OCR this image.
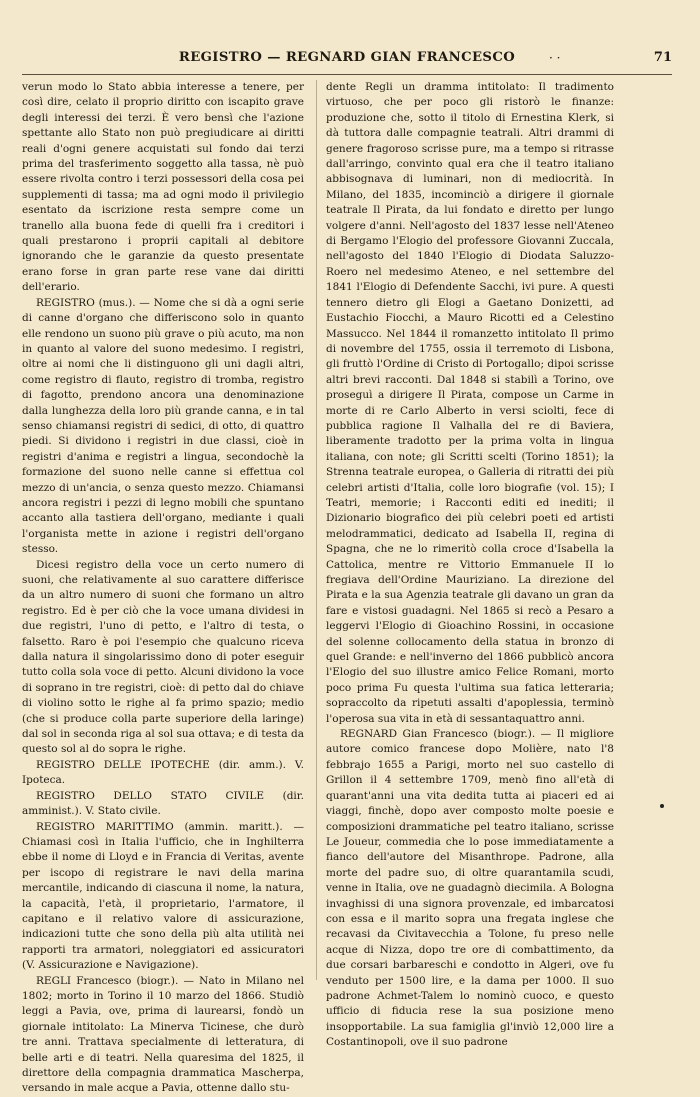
REGISTRO — REGNARD GIAN FRANCESCO	· ·	71

verun modo lo Stato abbia interesse a tenere, per così dire, celato il proprio diritto con iscapito grave degli interessi dei terzi. È vero bensì che l'azione spettante allo Stato non può pregiudicare ai diritti reali d'ogni genere acquistati sul fondo dai terzi prima del trasferimento soggetto alla tassa, nè può essere rivolta contro i terzi possessori della cosa pei supplementi di tassa; ma ad ogni modo il privilegio esentato da iscrizione resta sempre come un tranello alla buona fede di quelli fra i creditori i quali prestarono i proprii capitali al debitore ignorando che le garanzie da questo presentate erano forse in gran parte rese vane dai diritti dell'erario.

REGISTRO (mus.). — Nome che si dà a ogni serie di canne d'organo che differiscono solo in quanto elle rendono un suono più grave o più acuto, ma non in quanto al valore del suono medesimo. I registri, oltre ai nomi che li distinguono gli uni dagli altri, come registro di flauto, registro di tromba, registro di fagotto, prendono ancora una denominazione dalla lunghezza della loro più grande canna, e in tal senso chiamansi registri di sedici, di otto, di quattro piedi. Si dividono i registri in due classi, cioè in registri d'anima e registri a lingua, secondochè la formazione del suono nelle canne si effettua col mezzo di un'ancia, o senza questo mezzo. Chiamansi ancora registri i pezzi di legno mobili che spuntano accanto alla tastiera dell'organo, mediante i quali l'organista mette in azione i registri dell'organo stesso.

Dicesi registro della voce un certo numero di suoni, che relativamente al suo carattere differisce da un altro numero di suoni che formano un altro registro. Ed è per ciò che la voce umana dividesi in due registri, l'uno di petto, e l'altro di testa, o falsetto. Raro è poi l'esempio che qualcuno riceva dalla natura il singolarissimo dono di poter eseguir tutto colla sola voce di petto. Alcuni dividono la voce di soprano in tre registri, cioè: di petto dal do chiave di violino sotto le righe al fa primo spazio; medio (che si produce colla parte superiore della laringe) dal sol in seconda riga al sol sua ottava; e di testa da questo sol al do sopra le righe.

REGISTRO DELLE IPOTECHE (dir. amm.). V. Ipoteca.

REGISTRO DELLO STATO CIVILE (dir. amminist.). V. Stato civile.

REGISTRO MARITTIMO (ammin. maritt.). — Chiamasi così in Italia l'ufficio, che in Inghilterra ebbe il nome di Lloyd e in Francia di Veritas, avente per iscopo di registrare le navi della marina mercantile, indicando di ciascuna il nome, la natura, la capacità, l'età, il proprietario, l'armatore, il capitano e il relativo valore di assicurazione, indicazioni tutte che sono della più alta utilità nei rapporti tra armatori, noleggiatori ed assicuratori (V. Assicurazione e Navigazione).

REGLI Francesco (biogr.). — Nato in Milano nel 1802; morto in Torino il 10 marzo del 1866. Studiò leggi a Pavia, ove, prima di laurearsi, fondò un giornale intitolato: La Minerva Ticinese, che durò tre anni. Trattava specialmente di letteratura, di belle arti e di teatri. Nella quaresima del 1825, il direttore della compagnia drammatica Mascherpa, versando in male acque a Pavia, ottenne dallo stu-

dente Regli un dramma intitolato: Il tradimento virtuoso, che per poco gli ristorò le finanze: produzione che, sotto il titolo di Ernestina Klerk, si dà tuttora dalle compagnie teatrali. Altri drammi di genere fragoroso scrisse pure, ma a tempo si ritrasse dall'arringo, convinto qual era che il teatro italiano abbisognava di luminari, non di mediocrità. In Milano, del 1835, incominciò a dirigere il giornale teatrale Il Pirata, da lui fondato e diretto per lungo volgere d'anni. Nell'agosto del 1837 lesse nell'Ateneo di Bergamo l'Elogio del professore Giovanni Zuccala, nell'agosto del 1840 l'Elogio di Diodata Saluzzo-Roero nel medesimo Ateneo, e nel settembre del 1841 l'Elogio di Defendente Sacchi, ivi pure. A questi tennero dietro gli Elogi a Gaetano Donizetti, ad Eustachio Fiocchi, a Mauro Ricotti ed a Celestino Massucco. Nel 1844 il romanzetto intitolato Il primo di novembre del 1755, ossia il terremoto di Lisbona, gli fruttò l'Ordine di Cristo di Portogallo; dipoi scrisse altri brevi racconti. Dal 1848 si stabilì a Torino, ove proseguì a dirigere Il Pirata, compose un Carme in morte di re Carlo Alberto in versi sciolti, fece di pubblica ragione Il Valhalla del re di Baviera, liberamente tradotto per la prima volta in lingua italiana, con note; gli Scritti scelti (Torino 1851); la Strenna teatrale europea, o Galleria di ritratti dei più celebri artisti d'Italia, colle loro biografie (vol. 15); I Teatri, memorie; i Racconti editi ed inediti; il Dizionario biografico dei più celebri poeti ed artisti melodrammatici, dedicato ad Isabella II, regina di Spagna, che ne lo rimeritò colla croce d'Isabella la Cattolica, mentre re Vittorio Emmanuele II lo fregiava dell'Ordine Mauriziano. La direzione del Pirata e la sua Agenzia teatrale gli davano un gran da fare e vistosi guadagni. Nel 1865 si recò a Pesaro a leggervi l'Elogio di Gioachino Rossini, in occasione del solenne collocamento della statua in bronzo di quel Grande: e nell'inverno del 1866 pubblicò ancora l'Elogio del suo illustre amico Felice Romani, morto poco prima Fu questa l'ultima sua fatica letteraria; sopraccolto da ripetuti assalti d'apoplessia, terminò l'operosa sua vita in età di sessantaquattro anni.

REGNARD Gian Francesco (biogr.). — Il migliore autore comico francese dopo Molière, nato l'8 febbrajo 1655 a Parigi, morto nel suo castello di Grillon il 4 settembre 1709, menò fino all'età di quarant'anni una vita dedita tutta ai piaceri ed ai viaggi, finchè, dopo aver composto molte poesie e composizioni drammatiche pel teatro italiano, scrisse Le Joueur, commedia che lo pose immediatamente a fianco dell'autore del Misanthrope. Padrone, alla morte del padre suo, di oltre quarantamila scudi, venne in Italia, ove ne guadagnò diecimila. A Bologna invaghissi di una signora provenzale, ed imbarcatosi con essa e il marito sopra una fregata inglese che recavasi da Civitavecchia a Tolone, fu preso nelle acque di Nizza, dopo tre ore di combattimento, da due corsari barbareschi e condotto in Algeri, ove fu venduto per 1500 lire, e la dama per 1000. Il suo padrone Achmet-Talem lo nominò cuoco, e questo ufficio di fiducia rese la sua posizione meno insopportabile. La sua famiglia gl'inviò 12,000 lire a Costantinopoli, ove il suo padrone
